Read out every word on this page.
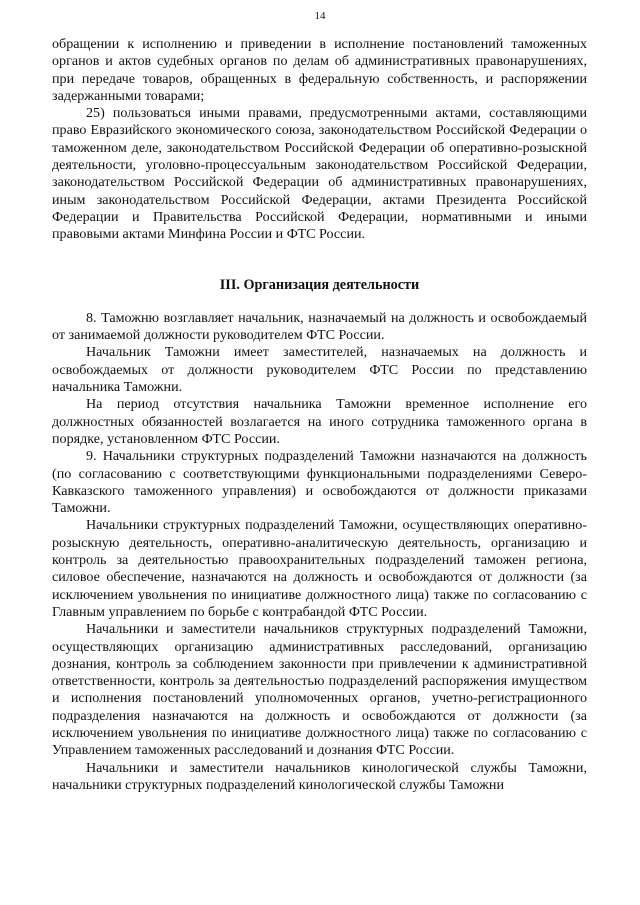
14

обращении к исполнению и приведении в исполнение постановлений таможенных органов и актов судебных органов по делам об административных правонарушениях, при передаче товаров, обращенных в федеральную собственность, и распоряжении задержанными товарами;

25) пользоваться иными правами, предусмотренными актами, составляющими право Евразийского экономического союза, законодательством Российской Федерации о таможенном деле, законодательством Российской Федерации об оперативно-розыскной деятельности, уголовно-процессуальным законодательством Российской Федерации, законодательством Российской Федерации об административных правонарушениях, иным законодательством Российской Федерации, актами Президента Российской Федерации и Правительства Российской Федерации, нормативными и иными правовыми актами Минфина России и ФТС России.

III. Организация деятельности

8. Таможню возглавляет начальник, назначаемый на должность и освобождаемый от занимаемой должности руководителем ФТС России.

Начальник Таможни имеет заместителей, назначаемых на должность и освобождаемых от должности руководителем ФТС России по представлению начальника Таможни.

На период отсутствия начальника Таможни временное исполнение его должностных обязанностей возлагается на иного сотрудника таможенного органа в порядке, установленном ФТС России.

9. Начальники структурных подразделений Таможни назначаются на должность (по согласованию с соответствующими функциональными подразделениями Северо-Кавказского таможенного управления) и освобождаются от должности приказами Таможни.

Начальники структурных подразделений Таможни, осуществляющих оперативно-розыскную деятельность, оперативно-аналитическую деятельность, организацию и контроль за деятельностью правоохранительных подразделений таможен региона, силовое обеспечение, назначаются на должность и освобождаются от должности (за исключением увольнения по инициативе должностного лица) также по согласованию с Главным управлением по борьбе с контрабандой ФТС России.

Начальники и заместители начальников структурных подразделений Таможни, осуществляющих организацию административных расследований, организацию дознания, контроль за соблюдением законности при привлечении к административной ответственности, контроль за деятельностью подразделений распоряжения имуществом и исполнения постановлений уполномоченных органов, учетно-регистрационного подразделения назначаются на должность и освобождаются от должности (за исключением увольнения по инициативе должностного лица) также по согласованию с Управлением таможенных расследований и дознания ФТС России.

Начальники и заместители начальников кинологической службы Таможни, начальники структурных подразделений кинологической службы Таможни
